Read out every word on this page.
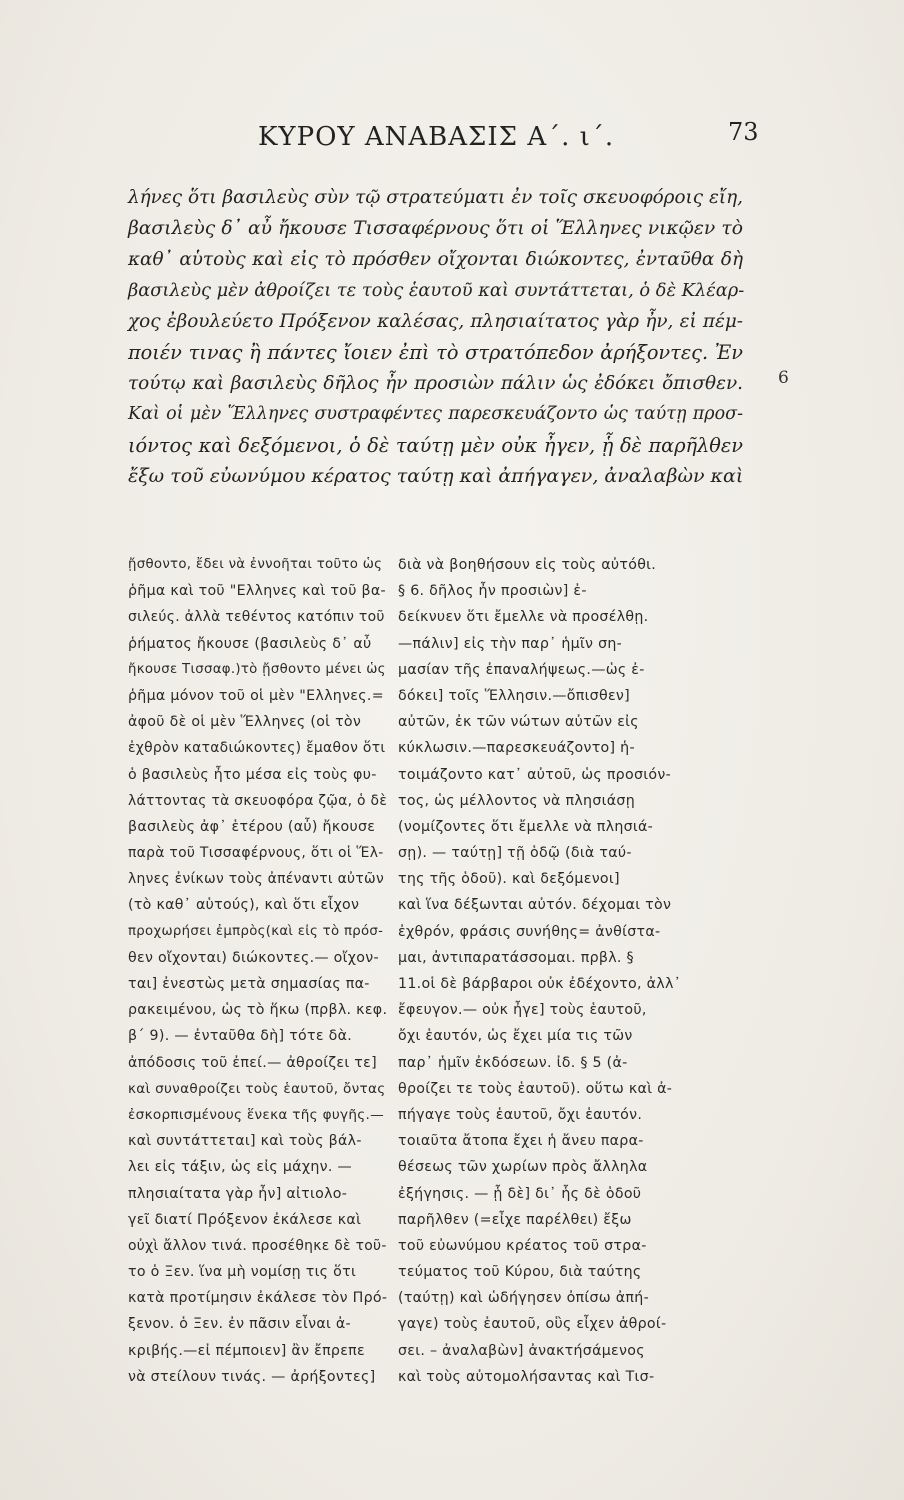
ΚΥΡΟΥ ΑΝΑΒΑΣΙΣ Α΄. ι΄.	73
6
λήνες ὅτι βασιλεὺς σὺν τῷ στρατεύματι ἐν τοῖς σκευοφόροις εἴη,
βασιλεὺς δ᾿ αὖ ἤκουσε Τισσαφέρνους ὅτι οἱ Ἕλληνες νικῷεν τὸ
καθ᾿ αὑτοὺς καὶ εἰς τὸ πρόσθεν οἴχονται διώκοντες, ἐνταῦθα δὴ
βασιλεὺς μὲν ἀθροίζει τε τοὺς ἑαυτοῦ καὶ συντάττεται, ὁ δὲ Κλέαρ-
χος ἐβουλεύετο Πρόξενον καλέσας, πλησιαίτατος γὰρ ἦν, εἰ πέμ-
ποιέν τινας ἢ πάντες ἴοιεν ἐπὶ τὸ στρατόπεδον ἀρήξοντες. Ἐν
τούτῳ καὶ βασιλεὺς δῆλος ἦν προσιὼν πάλιν ὡς ἐδόκει ὄπισθεν.
Καὶ οἱ μὲν Ἕλληνες συστραφέντες παρεσκευάζοντο ὡς ταύτῃ προσ-
ιόντος καὶ δεξόμενοι, ὁ δὲ ταύτῃ μὲν οὐκ ἦγεν, ᾗ δὲ παρῆλθεν
ἔξω τοῦ εὐωνύμου κέρατος ταύτῃ καὶ ἀπήγαγεν, ἀναλαβὼν καὶ
ᾔσθοντο, ἔδει νὰ ἐννοῆται τοῦτο ὡς
ῥῆμα καὶ τοῦ "Ελληνες καὶ τοῦ βα-
σιλεύς. ἀλλὰ τεθέντος κατόπιν τοῦ
ῥήματος ἤκουσε (βασιλεὺς δ᾿ αὖ
ἤκουσε Τισσαφ.)τὸ ᾔσθοντο μένει ὡς
ῥῆμα μόνον τοῦ οἱ μὲν "Ελληνες.=
ἀφοῦ δὲ οἱ μὲν Ἕλληνες (οἱ τὸν
ἐχθρὸν καταδιώκοντες) ἔμαθον ὅτι
ὁ βασιλεὺς ἦτο μέσα εἰς τοὺς φυ-
λάττοντας τὰ σκευοφόρα ζῷα, ὁ δὲ
βασιλεὺς ἀφ᾿ ἑτέρου (αὖ) ἤκουσε
παρὰ τοῦ Τισσαφέρνους, ὅτι οἱ Ἕλ-
ληνες ἐνίκων τοὺς ἀπέναντι αὐτῶν
(τὸ καθ᾿ αὑτούς), καὶ ὅτι εἶχον
προχωρήσει ἐμπρὸς(καὶ εἰς τὸ πρόσ-
θεν οἴχονται) διώκοντες.— οἴχον-
ται] ἐνεστὼς μετὰ σημασίας πα-
ρακειμένου, ὡς τὸ ἥκω (πρβλ. κεφ.
β΄ 9). — ἐνταῦθα δὴ] τότε δὰ.
ἀπόδοσις τοῦ ἐπεί.— ἀθροίζει τε]
καὶ συναθροίζει τοὺς ἑαυτοῦ, ὄντας
ἐσκορπισμένους ἕνεκα τῆς φυγῆς.—
καὶ συντάττεται] καὶ τοὺς βάλ-
λει εἰς τάξιν, ὡς εἰς μάχην. —
πλησιαίτατα γὰρ ἦν] αἰτιολο-
γεῖ διατί Πρόξενον ἐκάλεσε καὶ
οὐχὶ ἄλλον τινά. προσέθηκε δὲ τοῦ-
το ὁ Ξεν. ἵνα μὴ νομίσῃ τις ὅτι
κατὰ προτίμησιν ἐκάλεσε τὸν Πρό-
ξενον. ὁ Ξεν. ἐν πᾶσιν εἶναι ἀ-
κριβής.—εἰ πέμποιεν] ἂν ἔπρεπε
νὰ στείλουν τινάς. — ἀρήξοντες]
διὰ νὰ βοηθήσουν εἰς τοὺς αὐτόθι.
§ 6. δῆλος ἦν προσιὼν] ἐ-
δείκνυεν ὅτι ἔμελλε νὰ προσέλθῃ.
—πάλιν] εἰς τὴν παρ᾿ ἡμῖν ση-
μασίαν τῆς ἐπαναλήψεως.—ὡς ἐ-
δόκει] τοῖς Ἕλλησιν.—ὄπισθεν]
αὐτῶν, ἐκ τῶν νώτων αὐτῶν εἰς
κύκλωσιν.—παρεσκευάζοντο] ἡ-
τοιμάζοντο κατ᾿ αὐτοῦ, ὡς προσιόν-
τος, ὡς μέλλοντος νὰ πλησιάσῃ
(νομίζοντες ὅτι ἔμελλε νὰ πλησιά-
σῃ). — ταύτῃ] τῇ ὁδῷ (διὰ ταύ-
της τῆς ὁδοῦ). καὶ δεξόμενοι]
καὶ ἵνα δέξωνται αὐτόν. δέχομαι τὸν
ἐχθρόν, φράσις συνήθης= ἀνθίστα-
μαι, ἀντιπαρατάσσομαι. πρβλ. §
11.οἱ δὲ βάρβαροι οὐκ ἐδέχοντο, ἀλλ᾿
ἔφευγον.— οὐκ ἦγε] τοὺς ἑαυτοῦ,
ὄχι ἑαυτόν, ὡς ἔχει μία τις τῶν
παρ᾿ ἡμῖν ἐκδόσεων. ἰδ. § 5 (ἀ-
θροίζει τε τοὺς ἑαυτοῦ). οὕτω καὶ ἀ-
πήγαγε τοὺς ἑαυτοῦ, ὄχι ἑαυτόν.
τοιαῦτα ἄτοπα ἔχει ἡ ἄνευ παρα-
θέσεως τῶν χωρίων πρὸς ἄλληλα
ἐξήγησις. — ᾗ δὲ] δι᾿ ἧς δὲ ὁδοῦ
παρῆλθεν (=εἶχε παρέλθει) ἔξω
τοῦ εὐωνύμου κρέατος τοῦ στρα-
τεύματος τοῦ Κύρου, διὰ ταύτης
(ταύτῃ) καὶ ὡδήγησεν ὀπίσω ἀπή-
γαγε) τοὺς ἑαυτοῦ, οὓς εἶχεν ἀθροί-
σει. – ἀναλαβὼν] ἀνακτήσάμενος
καὶ τοὺς αὐτομολήσαντας καὶ Τισ-
